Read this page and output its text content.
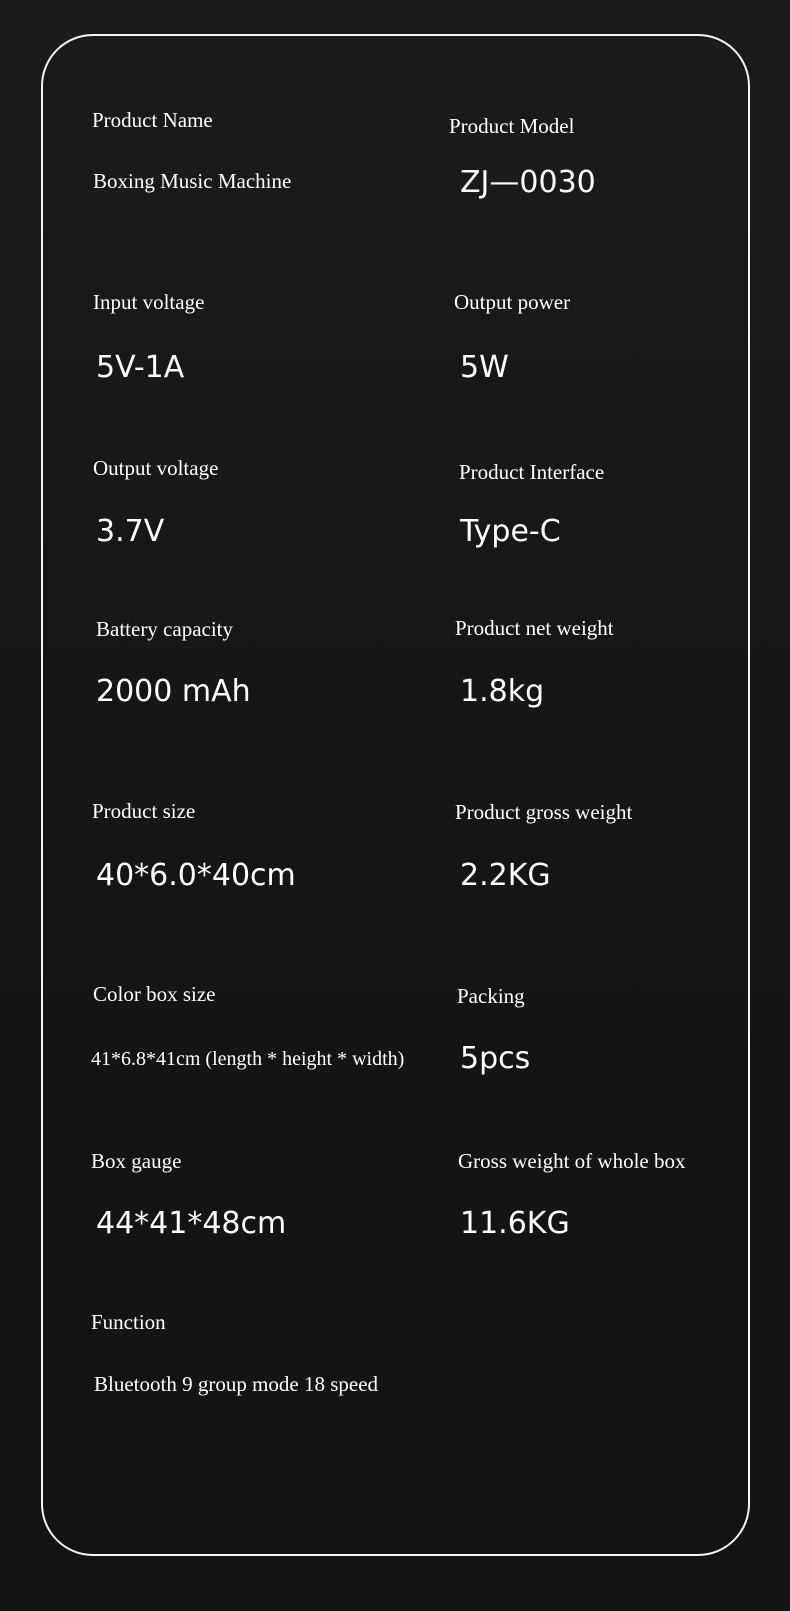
Product Name
Boxing Music Machine
Product Model
ZJ—0030
Input voltage
5V-1A
Output power
5W
Output voltage
3.7V
Product Interface
Type-C
Battery capacity
2000 mAh
Product net weight
1.8kg
Product size
40*6.0*40cm
Product gross weight
2.2KG
Color box size
41*6.8*41cm (length * height * width)
Packing
5pcs
Box gauge
44*41*48cm
Gross weight of whole box
11.6KG
Function
Bluetooth 9 group mode 18 speed
